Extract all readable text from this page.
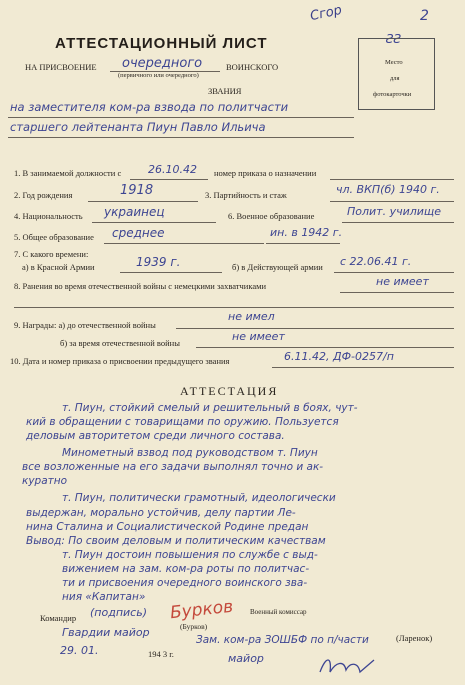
Сгор	2
ƧƧ
АТТЕСТАЦИОННЫЙ ЛИСТ
НА ПРИСВОЕНИЕ очередного
(первичного или очередного)
ВОИНСКОГО
ЗВАНИЯ
Место
для
фотокарточки
на заместителя ком-ра взвода по политчасти
старшего лейтенанта Пиун Павло Ильича
1. В занимаемой должности с 26.10.42 номер приказа о назначении
2. Год рождения	1918	3. Партийность и стаж	чл. ВКП(б) 1940 г.
4. Национальность украинец	6. Военное образование	Полит. училище
5. Общее образование среднее	ин. в 1942 г.
7. С какого времени:
а) в Красной Армии	1939 г.	б) в Действующей армии с 22.06.41 г.
8. Ранения во время отечественной войны с немецкими захватчиками	не имеет
9. Награды: а) до отечественной войны
не имел
б) за время отечественной войны	не имеет
10. Дата и номер приказа о присвоении предыдущего звания	6.11.42, ДФ-0257/п
АТТЕСТАЦИЯ
т. Пиун, стойкий смелый и решительный в боях, чут-
кий в обращении с товарищами по оружию. Пользуется
деловым авторитетом среди личного состава.
Минометный взвод под руководством т. Пиун
все возложенные на его задачи выполнял точно и ак-
куратно
т. Пиун, политически грамотный, идеологически
выдержан, морально устойчив, делу партии Ле-
нина Сталина и Социалистической Родине предан
Вывод: По своим деловым и политическим качествам
т. Пиун достоин повышения по службе с выд-
вижением на зам. ком-ра роты по политчас-
ти и присвоения очередного воинского зва-
ния «Капитан»
Командир (подпись)
Гвардии майор
29. 01.	194 3 г.
Бурков
(Бурков)
Военный комиссар
Зам. ком-ра ЗОШБФ по п/части
майор
(Ларенок)
